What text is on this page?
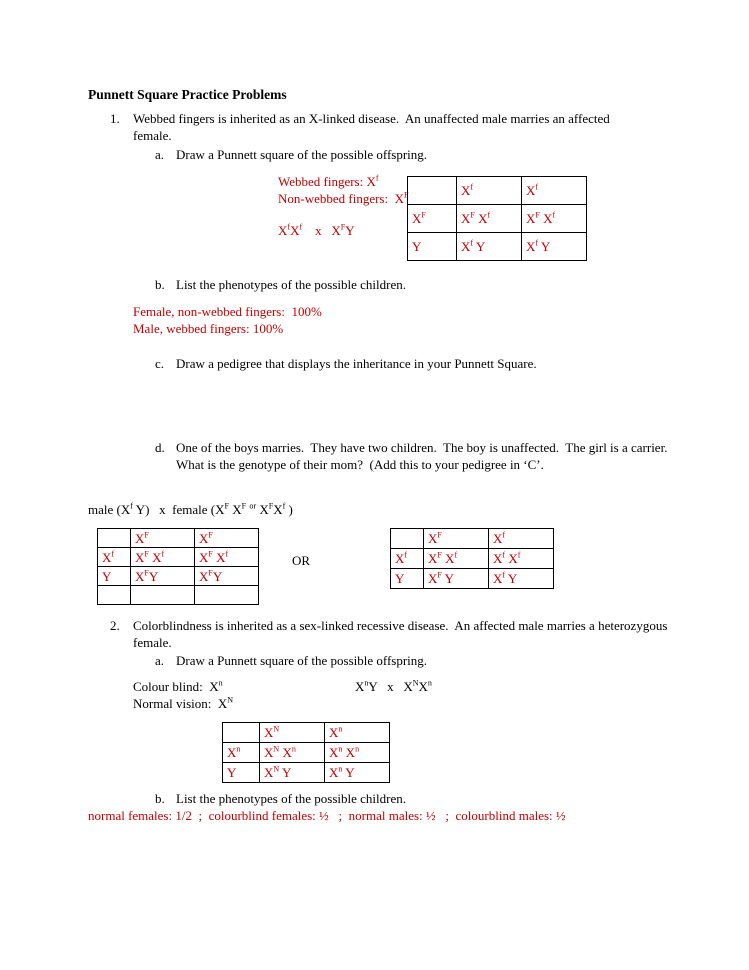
Punnett Square Practice Problems
1.	Webbed fingers is inherited as an X-linked disease.  An unaffected male marries an affected female.
a. Draw a Punnett square of the possible offspring.
Webbed fingers: $X^f$
Non-webbed fingers:  $X^F$
$X^fX^f$    x   $X^FY$
	$X^f$	$X^f$
$X^F$	$X^F$ $X^f$	$X^F$ $X^f$
Y	$X^f$ Y	$X^f$ Y
b. List the phenotypes of the possible children.
Female, non-webbed fingers:  100%
Male, webbed fingers: 100%
c. Draw a pedigree that displays the inheritance in your Punnett Square.
d. One of the boys marries.  They have two children.  The boy is unaffected.  The girl is a carrier.  What is the genotype of their mom?  (Add this to your pedigree in ‘C’.
male ($X^f$ Y)   x  female ($X^F$ $X^F$ $^{or}$ $X^FX^f$ )
	$X^F$	$X^F$
$X^f$	$X^F$ $X^f$	$X^F$ $X^f$
Y	$X^FY$	$X^FY$

OR
	$X^F$	$X^f$
$X^f$	$X^F$ $X^f$	$X^f$ $X^f$
Y	$X^F$ Y	$X^f$ Y
2.	Colorblindness is inherited as a sex-linked recessive disease.  An affected male marries a heterozygous female.
a. Draw a Punnett square of the possible offspring.
Colour blind:  $X^n$
Normal vision:  $X^N$
$X^nY$   x   $X^NX^n$
	$X^N$	$X^n$
$X^n$	$X^N$ $X^n$	$X^n$ $X^n$
Y	$X^N$ Y	$X^n$ Y
b. List the phenotypes of the possible children.
normal females: 1/2  ;  colourblind females: ½   ;  normal males: ½   ;  colourblind males: ½
